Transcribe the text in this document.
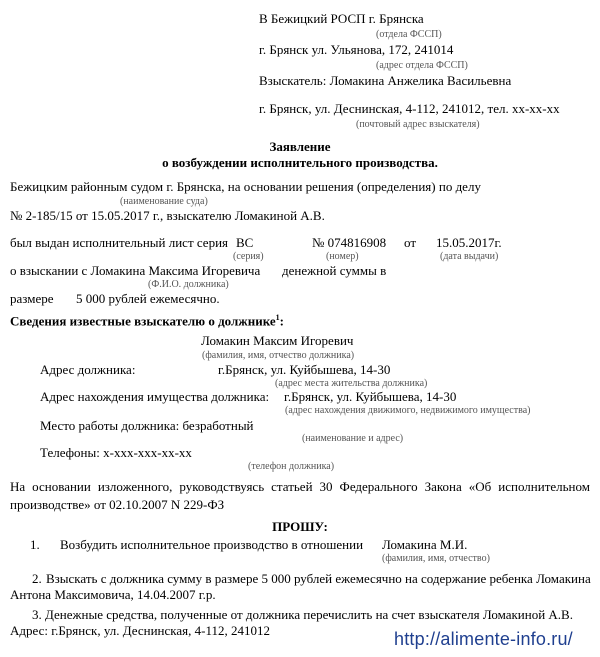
В Бежицкий РОСП г. Брянска
(отдела ФССП)
г. Брянск ул. Ульянова, 172, 241014
(адрес отдела ФССП)
Взыскатель: Ломакина Анжелика Васильевна
г. Брянск, ул. Деснинская, 4-112, 241012, тел. хх-хх-хх
(почтовый адрес взыскателя)
Заявление
о возбуждении исполнительного производства.
Бежицким районным судом г. Брянска, на основании решения (определения) по делу
(наименование суда)
№ 2-185/15 от 15.05.2017 г., взыскателю Ломакиной А.В.
был выдан исполнительный лист серия ВС	№ 074816908 от 15.05.2017г.
(серия)	(номер)	(дата выдачи)
о взыскании с Ломакина Максима Игоревича денежной суммы в
(Ф.И.О. должника)
размере 5 000 рублей ежемесячно.
Сведения известные взыскателю о должнике$^1$:
Ломакин Максим Игоревич
(фамилия, имя, отчество должника)
Адрес должника:	г.Брянск, ул. Куйбышева, 14-30
(адрес места жительства должника)
Адрес нахождения имущества должника: г.Брянск, ул. Куйбышева, 14-30
(адрес нахождения движимого, недвижимого имущества)
Место работы должника: безработный
(наименование и адрес)
Телефоны: х-ххх-ххх-хх-хх
(телефон должника)
На основании изложенного, руководствуясь статьей 30 Федерального Закона «Об исполнительном
производстве» от 02.10.2007 N 229-ФЗ
ПРОШУ:
1. Возбудить исполнительное производство в отношении Ломакина М.И.
(фамилия, имя, отчество)
2. Взыскать с должника сумму в размере 5 000 рублей ежемесячно на содержание ребенка Ломакина
Антона Максимовича, 14.04.2007 г.р.
3. Денежные средства, полученные от должника перечислить на счет взыскателя Ломакиной А.В.
Адрес: г.Брянск, ул. Деснинская, 4-112, 241012	http://alimente-info.ru/
